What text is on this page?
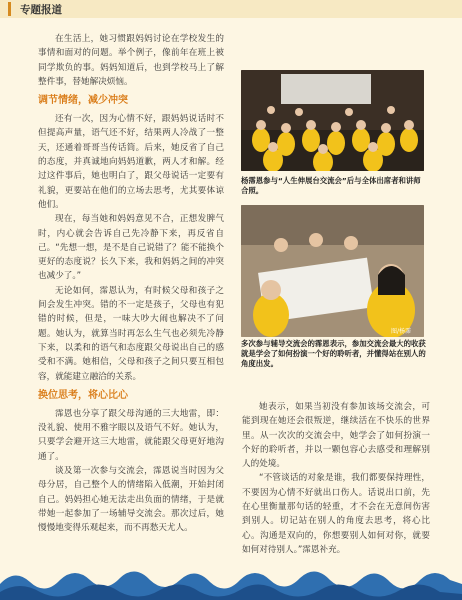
专题报道

在生活上，她习惯跟妈妈讨论在学校发生的事情和面对的问题。举个例子，像前年在班上被同学欺负的事。妈妈知道后，也到学校马上了解整件事，替她解决烦恼。

调节情绪，减少冲突

还有一次，因为心情不好，跟妈妈说话时不但提高声量，语气还不好，结果两人冷战了一整天，还通着哥哥当传话筒。后来，她反省了自己的态度，并真诚地向妈妈道歉，两人才和解。经过这件事后，她也明白了，跟父母说话一定要有礼貌，更要站在他们的立场去思考，尤其要体谅他们。

现在，每当她和妈妈意见不合，正想发脾气时，内心就会告诉自己先冷静下来，再反省自己。“先想一想，是不是自己说错了？能不能换个更好的态度说？长久下来，我和妈妈之间的冲突也减少了。”

无论如何，霈恩认为，有时候父母和孩子之间会发生冲突。错的不一定是孩子，父母也有犯错的时候，但是，一味大吵大闹也解决不了问题。她认为，就算当时再怎么生气也必须先冷静下来，以柔和的语气和态度跟父母说出自己的感受和不满。她相信，父母和孩子之间只要互相包容，就能建立融洽的关系。

换位思考，将心比心

霈恩也分享了跟父母沟通的三大地雷，即：没礼貌、使用不雅字眼以及语气不好。她认为，只要学会避开这三大地雷，就能跟父母更好地沟通了。

谈及第一次参与交流会，霈恩说当时因为父母分居，自己整个人的情绪陷入低潮，开始封闭自己。妈妈担心她无法走出负面的情绪，于是就带她一起参加了一场辅导交流会。那次过后，她慢慢地变得乐观起来，而不再愁天尤人。

杨霈恩参与“人生伸展台交流会”后与全体出席者和讲师合照。
图/杨霈
多次参与辅导交流会的霈恩表示，参加交流会最大的收获就是学会了如何扮演一个好的聆听者，并懂得站在别人的角度出发。

她表示，如果当初没有参加该场交流会，可能到现在她还会很叛逆，继续活在不快乐的世界里。从一次次的交流会中，她学会了如何扮演一个好的聆听者，并以一颗包容心去感受和理解别人的处境。

“不管谈话的对象是谁，我们都要保持理性，不要因为心情不好就出口伤人。话说出口前，先在心里衡量那句话的轻重，才不会在无意间伤害到别人。切记站在别人的角度去思考，将心比心。沟通是双向的，你想要别人如何对你，就要如何对待别人。”霈恩补充。
